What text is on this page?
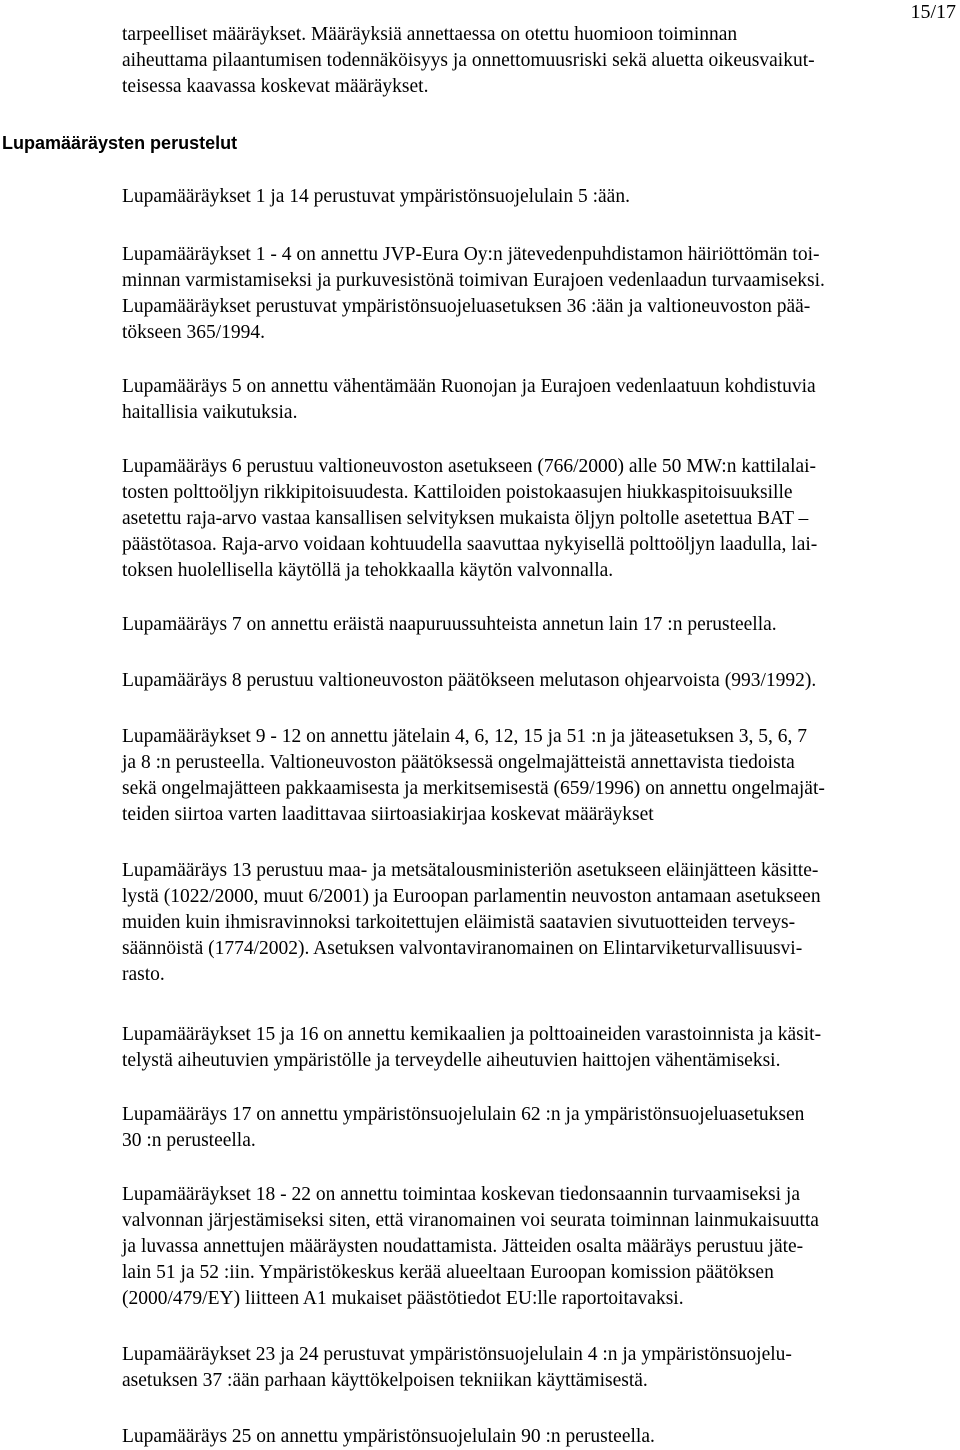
15/17
tarpeelliset määräykset. Määräyksiä annettaessa on otettu huomioon toiminnan
aiheuttama pilaantumisen todennäköisyys ja onnettomuusriski sekä aluetta oikeusvaikut-
teisessa kaavassa koskevat määräykset.
Lupamääräysten perustelut
Lupamääräykset 1 ja 14 perustuvat ympäristönsuojelulain 5 :ään.
Lupamääräykset 1 - 4 on annettu JVP-Eura Oy:n jätevedenpuhdistamon häiriöttömän toi-
minnan varmistamiseksi ja purkuvesistönä toimivan Eurajoen vedenlaadun turvaamiseksi.
Lupamääräykset perustuvat ympäristönsuojeluasetuksen 36 :ään ja valtioneuvoston pää-
tökseen 365/1994.
Lupamääräys 5 on annettu vähentämään Ruonojan ja Eurajoen vedenlaatuun kohdistuvia
haitallisia vaikutuksia.
Lupamääräys 6 perustuu valtioneuvoston asetukseen (766/2000) alle 50 MW:n kattilalai-
tosten polttoöljyn rikkipitoisuudesta. Kattiloiden poistokaasujen hiukkaspitoisuuksille
asetettu raja-arvo vastaa kansallisen selvityksen mukaista öljyn poltolle asetettua BAT –
päästötasoa. Raja-arvo voidaan kohtuudella saavuttaa nykyisellä polttoöljyn laadulla, lai-
toksen huolellisella käytöllä ja tehokkaalla käytön valvonnalla.
Lupamääräys 7 on annettu eräistä naapuruussuhteista annetun lain 17 :n perusteella.
Lupamääräys 8 perustuu valtioneuvoston päätökseen melutason ohjearvoista (993/1992).
Lupamääräykset 9 - 12 on annettu jätelain 4, 6, 12, 15 ja 51 :n ja jäteasetuksen 3, 5, 6, 7
ja 8 :n perusteella. Valtioneuvoston päätöksessä ongelmajätteistä annettavista tiedoista
sekä ongelmajätteen pakkaamisesta ja merkitsemisestä (659/1996) on annettu ongelmajät-
teiden siirtoa varten laadittavaa siirtoasiakirjaa koskevat määräykset
Lupamääräys 13 perustuu maa- ja metsätalousministeriön asetukseen eläinjätteen käsitte-
lystä (1022/2000, muut 6/2001) ja Euroopan parlamentin neuvoston antamaan asetukseen
muiden kuin ihmisravinnoksi tarkoitettujen eläimistä saatavien sivutuotteiden terveys-
säännöistä (1774/2002). Asetuksen valvontaviranomainen on Elintarviketurvallisuusvi-
rasto.
Lupamääräykset 15 ja 16 on annettu kemikaalien ja polttoaineiden varastoinnista ja käsit-
telystä aiheutuvien ympäristölle ja terveydelle aiheutuvien haittojen vähentämiseksi.
Lupamääräys 17 on annettu ympäristönsuojelulain 62 :n ja ympäristönsuojeluasetuksen
30 :n perusteella.
Lupamääräykset 18 - 22 on annettu toimintaa koskevan tiedonsaannin turvaamiseksi ja
valvonnan järjestämiseksi siten, että viranomainen voi seurata toiminnan lainmukaisuutta
ja luvassa annettujen määräysten noudattamista. Jätteiden osalta määräys perustuu jäte-
lain 51 ja 52 :iin. Ympäristökeskus kerää alueeltaan Euroopan komission päätöksen
(2000/479/EY) liitteen A1 mukaiset päästötiedot EU:lle raportoitavaksi.
Lupamääräykset 23 ja 24 perustuvat ympäristönsuojelulain 4 :n ja ympäristönsuojelu-
asetuksen 37 :ään parhaan käyttökelpoisen tekniikan käyttämisestä.
Lupamääräys 25 on annettu ympäristönsuojelulain 90 :n perusteella.
